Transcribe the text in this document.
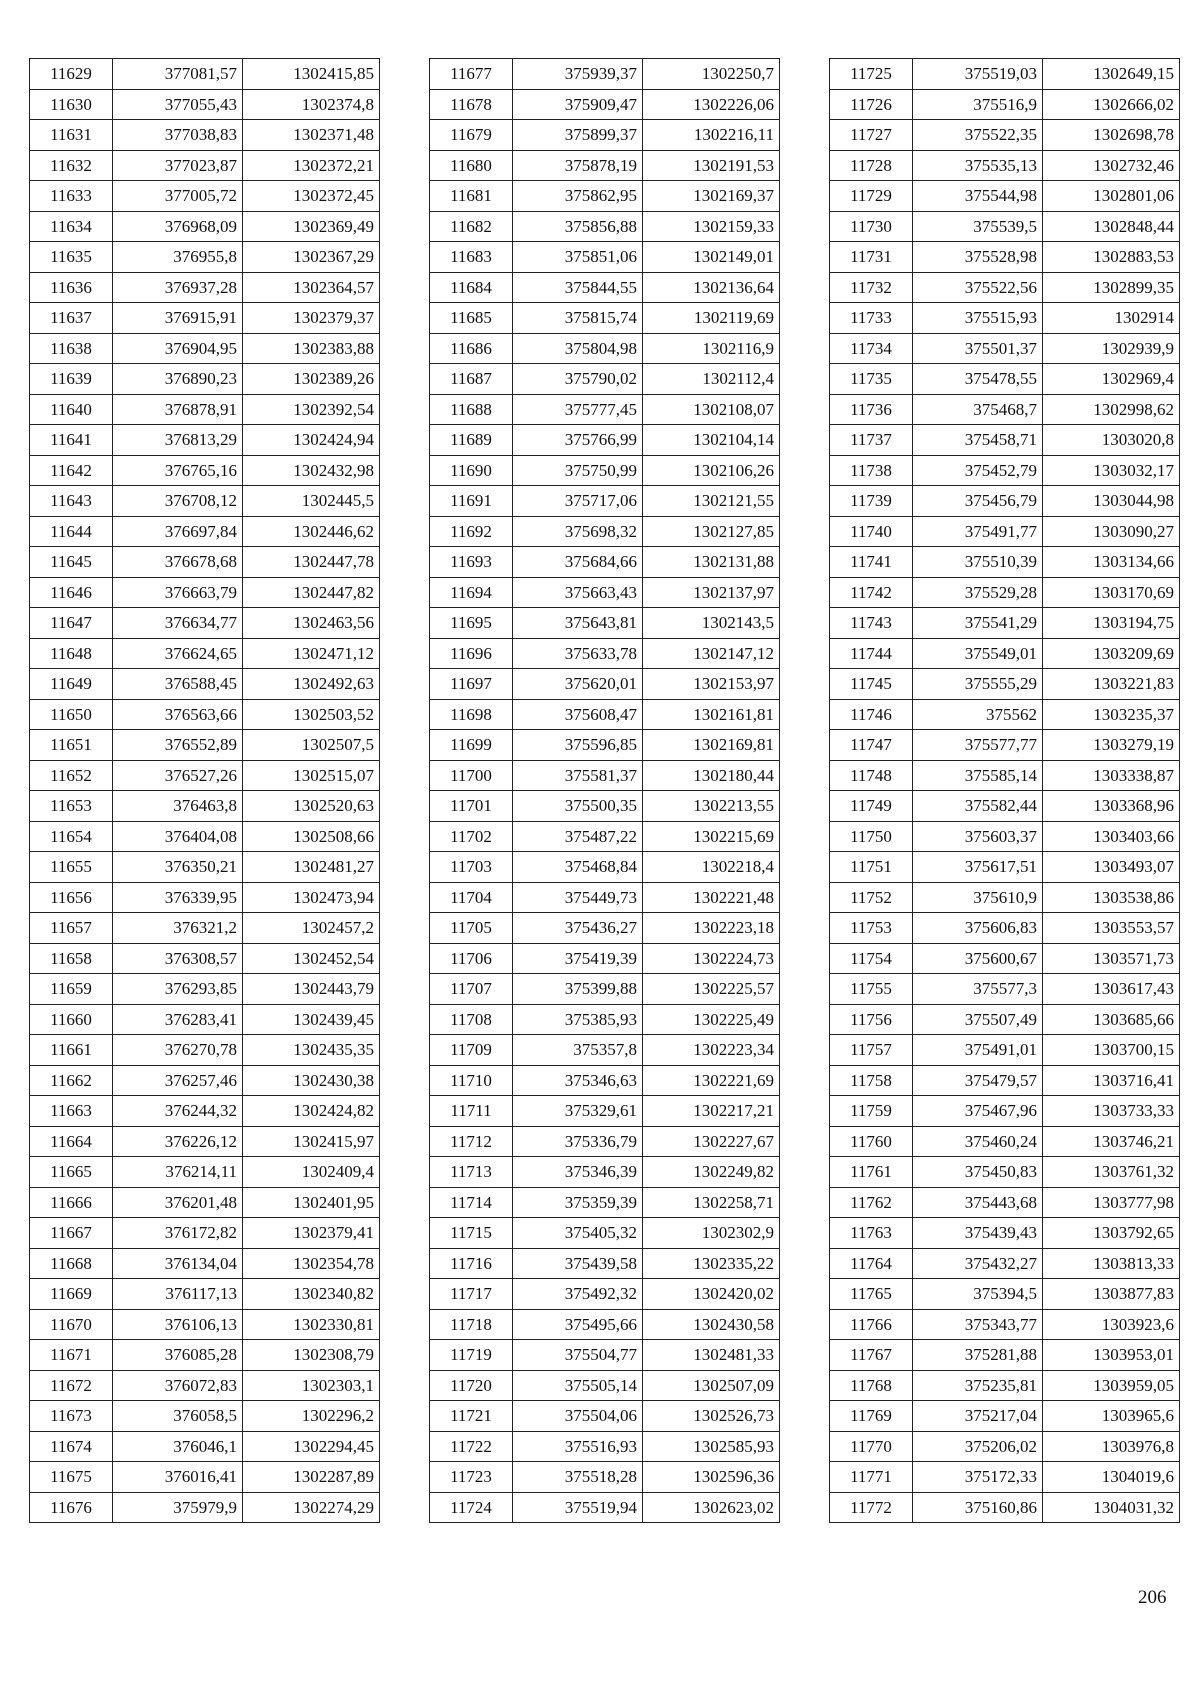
11629	377081,57	1302415,85
11630	377055,43	1302374,8
11631	377038,83	1302371,48
11632	377023,87	1302372,21
11633	377005,72	1302372,45
11634	376968,09	1302369,49
11635	376955,8	1302367,29
11636	376937,28	1302364,57
11637	376915,91	1302379,37
11638	376904,95	1302383,88
11639	376890,23	1302389,26
11640	376878,91	1302392,54
11641	376813,29	1302424,94
11642	376765,16	1302432,98
11643	376708,12	1302445,5
11644	376697,84	1302446,62
11645	376678,68	1302447,78
11646	376663,79	1302447,82
11647	376634,77	1302463,56
11648	376624,65	1302471,12
11649	376588,45	1302492,63
11650	376563,66	1302503,52
11651	376552,89	1302507,5
11652	376527,26	1302515,07
11653	376463,8	1302520,63
11654	376404,08	1302508,66
11655	376350,21	1302481,27
11656	376339,95	1302473,94
11657	376321,2	1302457,2
11658	376308,57	1302452,54
11659	376293,85	1302443,79
11660	376283,41	1302439,45
11661	376270,78	1302435,35
11662	376257,46	1302430,38
11663	376244,32	1302424,82
11664	376226,12	1302415,97
11665	376214,11	1302409,4
11666	376201,48	1302401,95
11667	376172,82	1302379,41
11668	376134,04	1302354,78
11669	376117,13	1302340,82
11670	376106,13	1302330,81
11671	376085,28	1302308,79
11672	376072,83	1302303,1
11673	376058,5	1302296,2
11674	376046,1	1302294,45
11675	376016,41	1302287,89
11676	375979,9	1302274,29
11677	375939,37	1302250,7
11678	375909,47	1302226,06
11679	375899,37	1302216,11
11680	375878,19	1302191,53
11681	375862,95	1302169,37
11682	375856,88	1302159,33
11683	375851,06	1302149,01
11684	375844,55	1302136,64
11685	375815,74	1302119,69
11686	375804,98	1302116,9
11687	375790,02	1302112,4
11688	375777,45	1302108,07
11689	375766,99	1302104,14
11690	375750,99	1302106,26
11691	375717,06	1302121,55
11692	375698,32	1302127,85
11693	375684,66	1302131,88
11694	375663,43	1302137,97
11695	375643,81	1302143,5
11696	375633,78	1302147,12
11697	375620,01	1302153,97
11698	375608,47	1302161,81
11699	375596,85	1302169,81
11700	375581,37	1302180,44
11701	375500,35	1302213,55
11702	375487,22	1302215,69
11703	375468,84	1302218,4
11704	375449,73	1302221,48
11705	375436,27	1302223,18
11706	375419,39	1302224,73
11707	375399,88	1302225,57
11708	375385,93	1302225,49
11709	375357,8	1302223,34
11710	375346,63	1302221,69
11711	375329,61	1302217,21
11712	375336,79	1302227,67
11713	375346,39	1302249,82
11714	375359,39	1302258,71
11715	375405,32	1302302,9
11716	375439,58	1302335,22
11717	375492,32	1302420,02
11718	375495,66	1302430,58
11719	375504,77	1302481,33
11720	375505,14	1302507,09
11721	375504,06	1302526,73
11722	375516,93	1302585,93
11723	375518,28	1302596,36
11724	375519,94	1302623,02
11725	375519,03	1302649,15
11726	375516,9	1302666,02
11727	375522,35	1302698,78
11728	375535,13	1302732,46
11729	375544,98	1302801,06
11730	375539,5	1302848,44
11731	375528,98	1302883,53
11732	375522,56	1302899,35
11733	375515,93	1302914
11734	375501,37	1302939,9
11735	375478,55	1302969,4
11736	375468,7	1302998,62
11737	375458,71	1303020,8
11738	375452,79	1303032,17
11739	375456,79	1303044,98
11740	375491,77	1303090,27
11741	375510,39	1303134,66
11742	375529,28	1303170,69
11743	375541,29	1303194,75
11744	375549,01	1303209,69
11745	375555,29	1303221,83
11746	375562	1303235,37
11747	375577,77	1303279,19
11748	375585,14	1303338,87
11749	375582,44	1303368,96
11750	375603,37	1303403,66
11751	375617,51	1303493,07
11752	375610,9	1303538,86
11753	375606,83	1303553,57
11754	375600,67	1303571,73
11755	375577,3	1303617,43
11756	375507,49	1303685,66
11757	375491,01	1303700,15
11758	375479,57	1303716,41
11759	375467,96	1303733,33
11760	375460,24	1303746,21
11761	375450,83	1303761,32
11762	375443,68	1303777,98
11763	375439,43	1303792,65
11764	375432,27	1303813,33
11765	375394,5	1303877,83
11766	375343,77	1303923,6
11767	375281,88	1303953,01
11768	375235,81	1303959,05
11769	375217,04	1303965,6
11770	375206,02	1303976,8
11771	375172,33	1304019,6
11772	375160,86	1304031,32
206
